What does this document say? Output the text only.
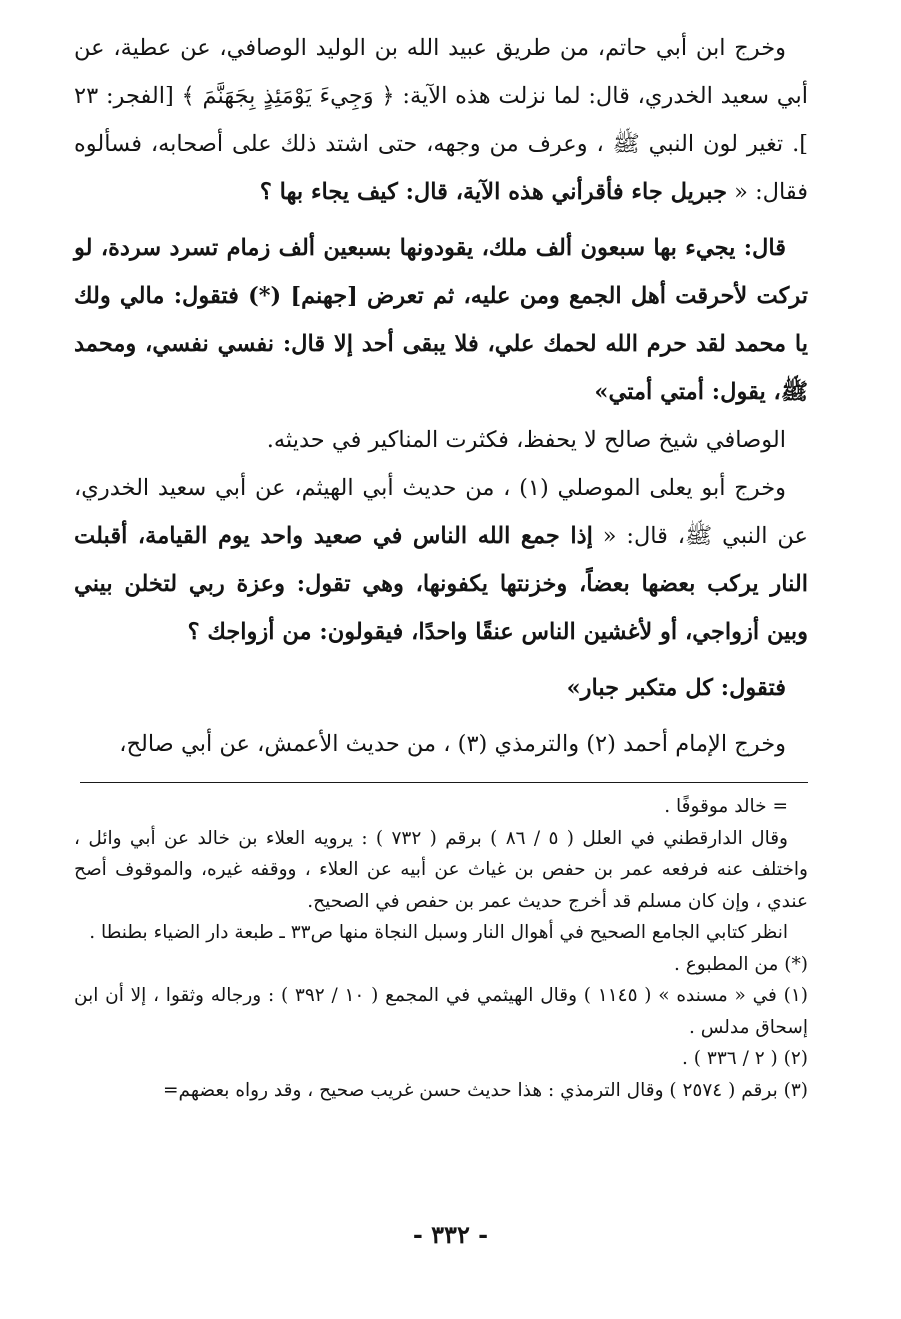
وخرج ابن أبي حاتم، من طريق عبيد الله بن الوليد الوصافي، عن عطية، عن أبي سعيد الخدري، قال: لما نزلت هذه الآية: ﴿ وَجِيءَ يَوْمَئِذٍ بِجَهَنَّمَ ﴾ [الفجر: ٢٣ ]. تغير لون النبي ﷺ ، وعرف من وجهه، حتى اشتد ذلك على أصحابه، فسألوه فقال: « جبريل جاء فأقرأني هذه الآية، قال: كيف يجاء بها ؟

قال: يجيء بها سبعون ألف ملك، يقودونها بسبعين ألف زمام تسرد سردة، لو تركت لأحرقت أهل الجمع ومن عليه، ثم تعرض [جهنم] (*) فتقول: مالي ولك يا محمد لقد حرم الله لحمك علي، فلا يبقى أحد إلا قال: نفسي نفسي، ومحمد ﷺ، يقول: أمتي أمتي»

الوصافي شيخ صالح لا يحفظ، فكثرت المناكير في حديثه.

وخرج أبو يعلى الموصلي (١) ، من حديث أبي الهيثم، عن أبي سعيد الخدري، عن النبي ﷺ، قال: « إذا جمع الله الناس في صعيد واحد يوم القيامة، أقبلت النار يركب بعضها بعضاً، وخزنتها يكفونها، وهي تقول: وعزة ربي لتخلن بيني وبين أزواجي، أو لأغشين الناس عنقًا واحدًا، فيقولون: من أزواجك ؟

فتقول: كل متكبر جبار»

وخرج الإمام أحمد (٢) والترمذي (٣) ، من حديث الأعمش، عن أبي صالح،

= خالد موقوفًا .

وقال الدارقطني في العلل ( ٥ / ٨٦ ) برقم ( ٧٣٢ ) : يرويه العلاء بن خالد عن أبي وائل ، واختلف عنه فرفعه عمر بن حفص بن غياث عن أبيه عن العلاء ، ووقفه غيره، والموقوف أصح عندي ، وإن كان مسلم قد أخرج حديث عمر بن حفص في الصحيح.

انظر كتابي الجامع الصحيح في أهوال النار وسبل النجاة منها ص٣٣ ـ طبعة دار الضياء بطنطا .

(*) من المطبوع .

(١) في « مسنده » ( ١١٤٥ ) وقال الهيثمي في المجمع ( ١٠ / ٣٩٢ ) : ورجاله وثقوا ، إلا أن ابن إسحاق مدلس .

(٢) ( ٢ / ٣٣٦ ) .

(٣) برقم ( ٢٥٧٤ ) وقال الترمذي : هذا حديث حسن غريب صحيح ، وقد رواه بعضهم=

- ٣٣٢ -
